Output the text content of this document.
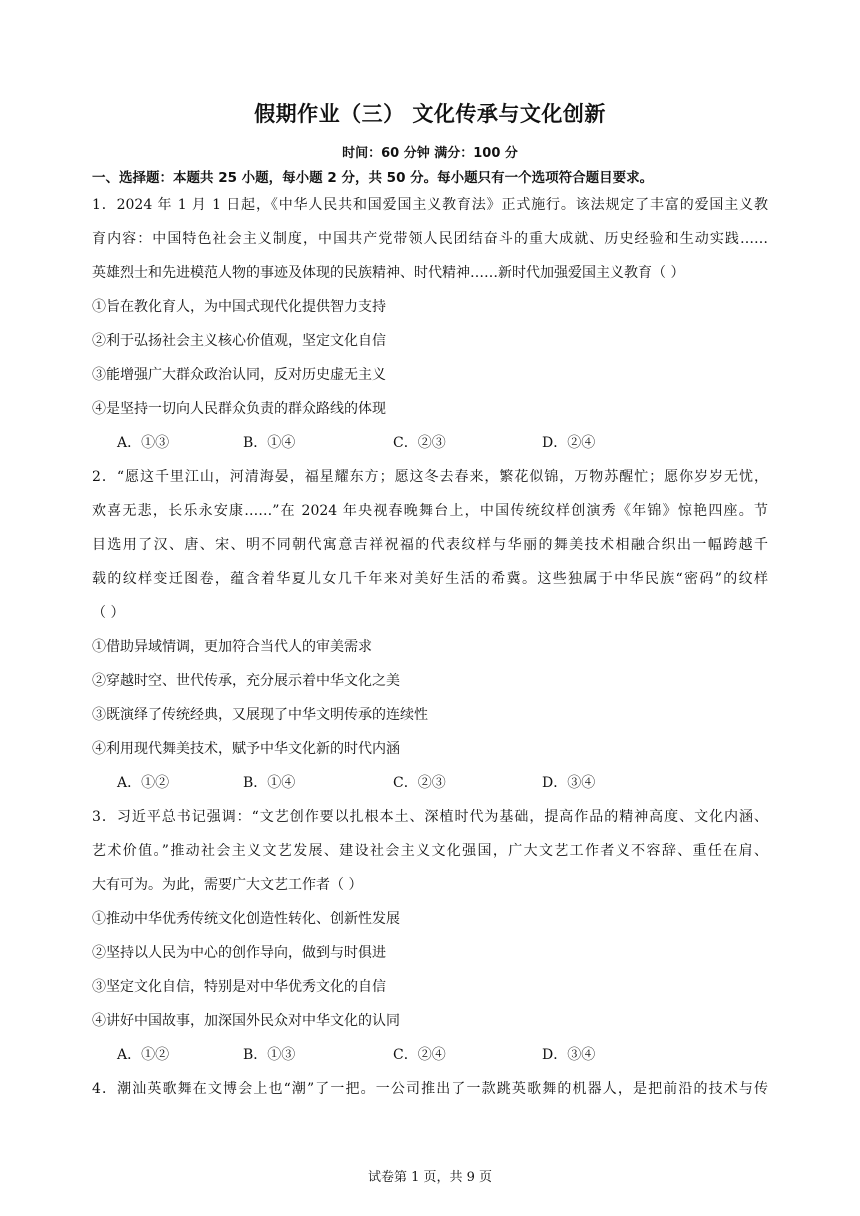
假期作业（三） 文化传承与文化创新
时间：60 分钟 满分：100 分
一、选择题：本题共 25 小题，每小题 2 分，共 50 分。每小题只有一个选项符合题目要求。
1．2024 年 1 月 1 日起，《中华人民共和国爱国主义教育法》正式施行。该法规定了丰富的爱国主义教
育内容：中国特色社会主义制度，中国共产党带领人民团结奋斗的重大成就、历史经验和生动实践……
英雄烈士和先进模范人物的事迹及体现的民族精神、时代精神……新时代加强爱国主义教育（ ）
①旨在教化育人，为中国式现代化提供智力支持
②利于弘扬社会主义核心价值观，坚定文化自信
③能增强广大群众政治认同，反对历史虚无主义
④是坚持一切向人民群众负责的群众路线的体现
A．①③	B．①④	C．②③	D．②④
2．“愿这千里江山，河清海晏，福星耀东方；愿这冬去春来，繁花似锦，万物苏醒忙；愿你岁岁无忧，
欢喜无悲，长乐永安康……”在 2024 年央视春晚舞台上，中国传统纹样创演秀《年锦》惊艳四座。节
目选用了汉、唐、宋、明不同朝代寓意吉祥祝福的代表纹样与华丽的舞美技术相融合织出一幅跨越千
载的纹样变迁图卷，蕴含着华夏儿女几千年来对美好生活的希冀。这些独属于中华民族“密码”的纹样
（ ）
①借助异域情调，更加符合当代人的审美需求
②穿越时空、世代传承，充分展示着中华文化之美
③既演绎了传统经典，又展现了中华文明传承的连续性
④利用现代舞美技术，赋予中华文化新的时代内涵
A．①②	B．①④	C．②③	D．③④
3．习近平总书记强调：“文艺创作要以扎根本土、深植时代为基础，提高作品的精神高度、文化内涵、
艺术价值。”推动社会主义文艺发展、建设社会主义文化强国，广大文艺工作者义不容辞、重任在肩、
大有可为。为此，需要广大文艺工作者（ ）
①推动中华优秀传统文化创造性转化、创新性发展
②坚持以人民为中心的创作导向，做到与时俱进
③坚定文化自信，特别是对中华优秀文化的自信
④讲好中国故事，加深国外民众对中华文化的认同
A．①②	B．①③	C．②④	D．③④
4．潮汕英歌舞在文博会上也“潮”了一把。一公司推出了一款跳英歌舞的机器人，是把前沿的技术与传
试卷第 1 页，共 9 页
